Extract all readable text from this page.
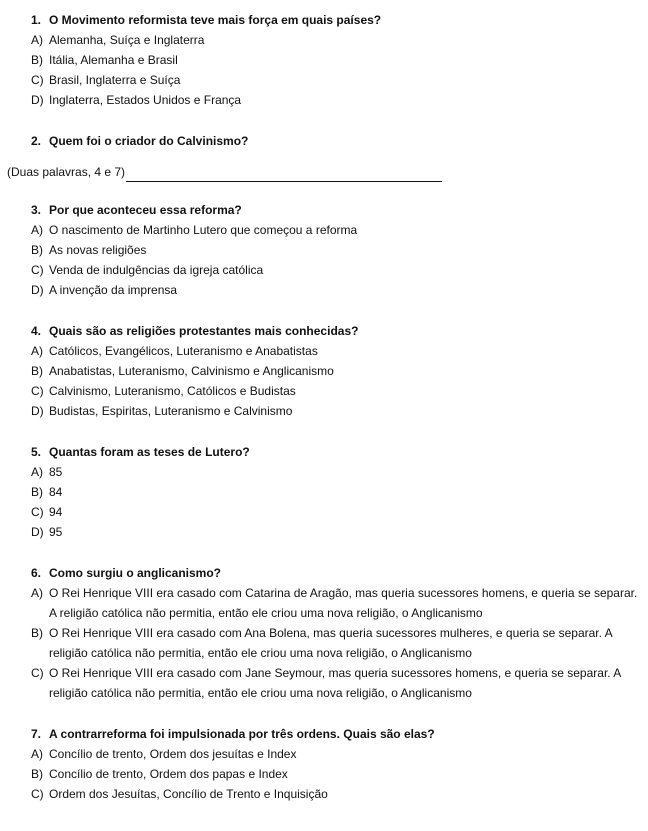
1. O Movimento reformista teve mais força em quais países?
A) Alemanha, Suíça e Inglaterra
B) Itália, Alemanha e Brasil
C) Brasil, Inglaterra e Suíça
D) Inglaterra, Estados Unidos e França
2. Quem foi o criador do Calvinismo?
(Duas palavras, 4 e 7)
3. Por que aconteceu essa reforma?
A) O nascimento de Martinho Lutero que começou a reforma
B) As novas religiões
C) Venda de indulgências da igreja católica
D) A invenção da imprensa
4. Quais são as religiões protestantes mais conhecidas?
A) Católicos, Evangélicos, Luteranismo e Anabatistas
B) Anabatistas, Luteranismo, Calvinismo e Anglicanismo
C) Calvinismo, Luteranismo, Católicos e Budistas
D) Budistas, Espiritas, Luteranismo e Calvinismo
5. Quantas foram as teses de Lutero?
A) 85
B) 84
C) 94
D) 95
6. Como surgiu o anglicanismo?
A) O Rei Henrique VIII era casado com Catarina de Aragão, mas queria sucessores homens, e queria se separar. A religião católica não permitia, então ele criou uma nova religião, o Anglicanismo
B) O Rei Henrique VIII era casado com Ana Bolena, mas queria sucessores mulheres, e queria se separar. A religião católica não permitia, então ele criou uma nova religião, o Anglicanismo
C) O Rei Henrique VIII era casado com Jane Seymour, mas queria sucessores homens, e queria se separar. A religião católica não permitia, então ele criou uma nova religião, o Anglicanismo
7. A contrarreforma foi impulsionada por três ordens. Quais são elas?
A) Concílio de trento, Ordem dos jesuítas e Index
B) Concílio de trento, Ordem dos papas e Index
C) Ordem dos Jesuítas, Concílio de Trento e Inquisição
